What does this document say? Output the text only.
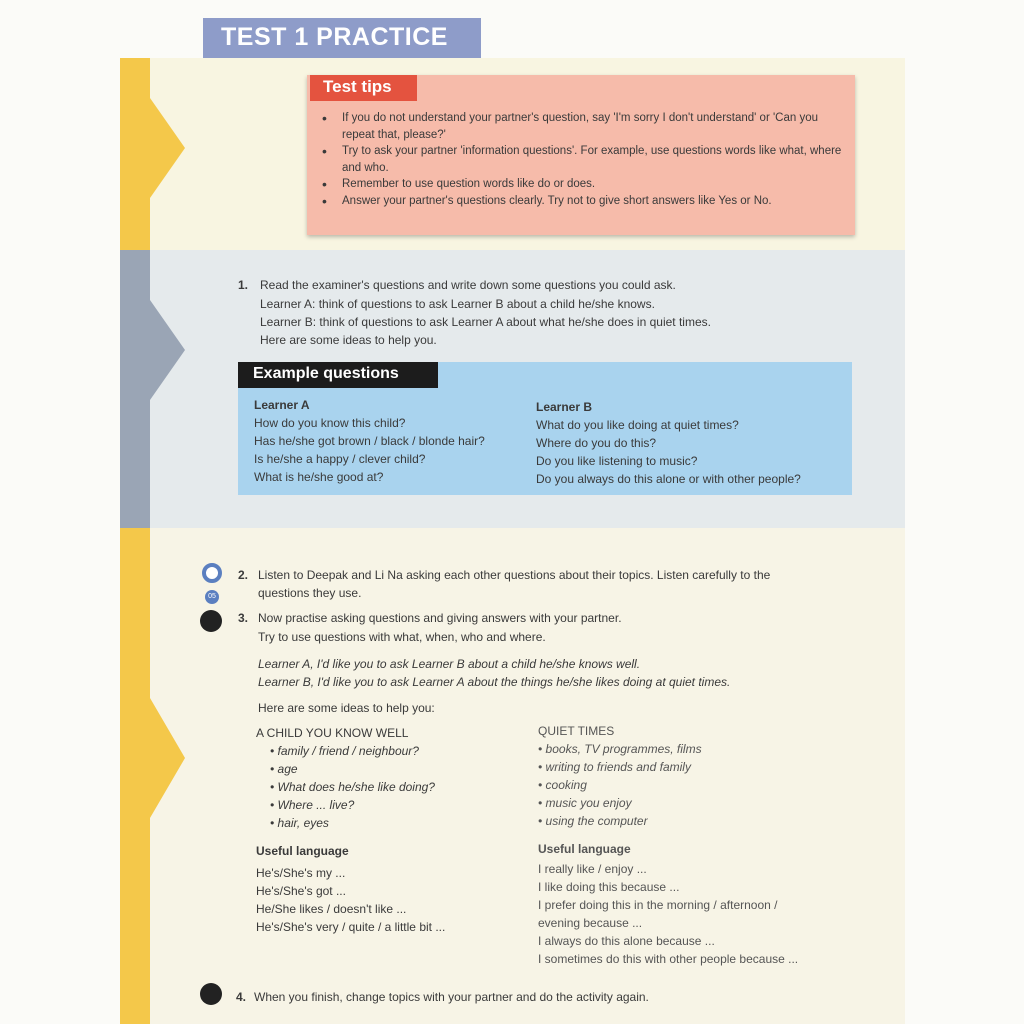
TEST 1 PRACTICE
Test tips
• If you do not understand your partner's question, say 'I'm sorry I don't understand' or 'Can you repeat that, please?'
• Try to ask your partner 'information questions'. For example, use questions words like what, where and who.
• Remember to use question words like do or does.
• Answer your partner's questions clearly. Try not to give short answers like Yes or No.
1. Read the examiner's questions and write down some questions you could ask.
Learner A: think of questions to ask Learner B about a child he/she knows.
Learner B: think of questions to ask Learner A about what he/she does in quiet times.
Here are some ideas to help you.
Example questions
Learner A
How do you know this child?
Has he/she got brown / black / blonde hair?
Is he/she a happy / clever child?
What is he/she good at?
Learner B
What do you like doing at quiet times?
Where do you do this?
Do you like listening to music?
Do you always do this alone or with other people?
05
2. Listen to Deepak and Li Na asking each other questions about their topics. Listen carefully to the
questions they use.
3. Now practise asking questions and giving answers with your partner.
Try to use questions with what, when, who and where.
Learner A, I'd like you to ask Learner B about a child he/she knows well.
Learner B, I'd like you to ask Learner A about the things he/she likes doing at quiet times.
Here are some ideas to help you:
A CHILD YOU KNOW WELL
• family / friend / neighbour?
• age
• What does he/she like doing?
• Where ... live?
• hair, eyes
Useful language
He's/She's my ...
He's/She's got ...
He/She likes / doesn't like ...
He's/She's very / quite / a little bit ...
QUIET TIMES
• books, TV programmes, films
• writing to friends and family
• cooking
• music you enjoy
• using the computer
Useful language
I really like / enjoy ...
I like doing this because ...
I prefer doing this in the morning / afternoon /
evening because ...
I always do this alone because ...
I sometimes do this with other people because ...
4. When you finish, change topics with your partner and do the activity again.
